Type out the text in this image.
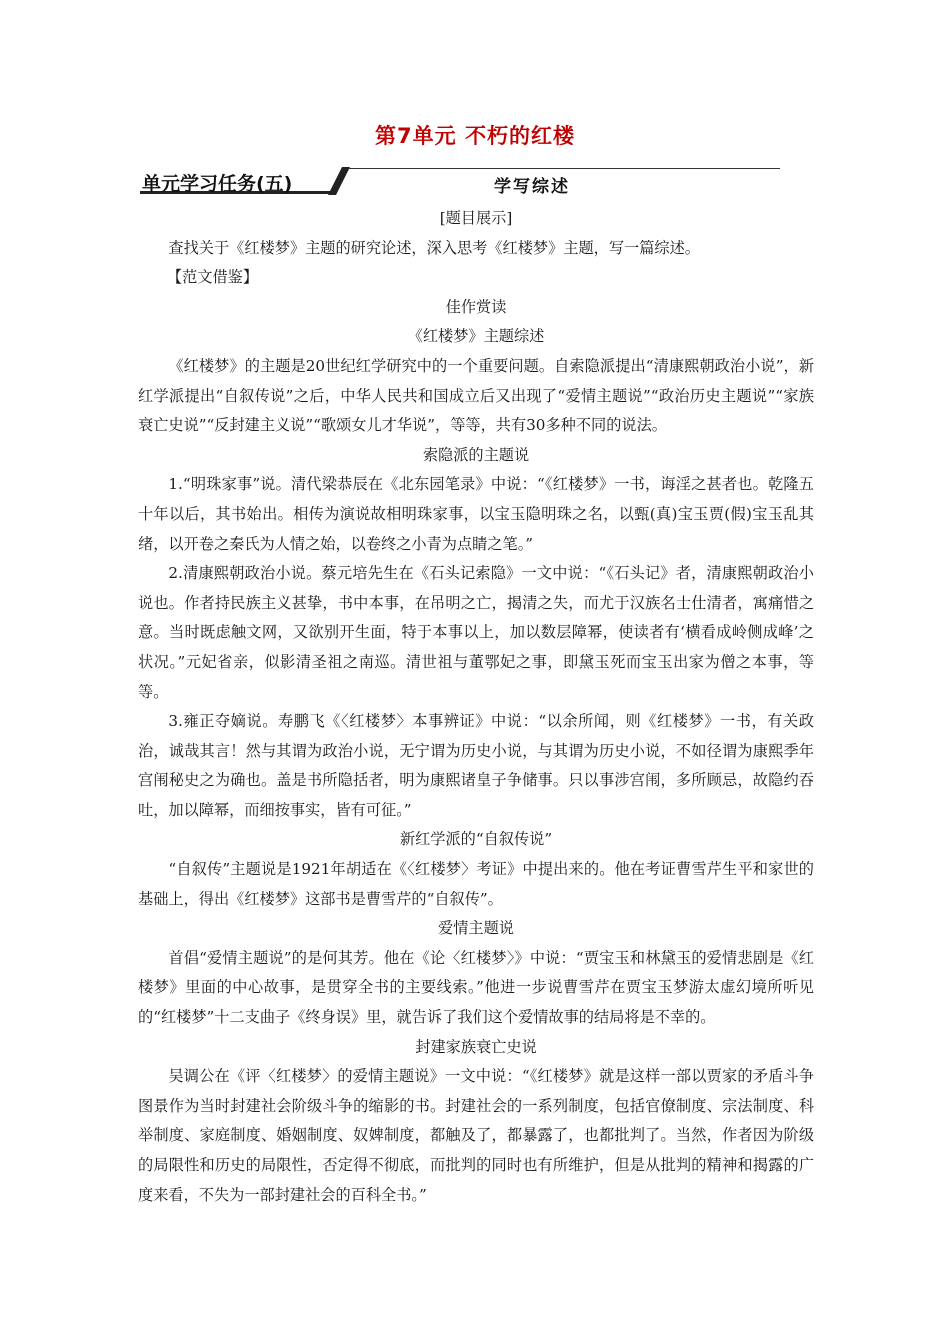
第7单元 不朽的红楼
单元学习任务(五)	学写综述

[题目展示]

查找关于《红楼梦》主题的研究论述，深入思考《红楼梦》主题，写一篇综述。

【范文借鉴】

佳作赏读

《红楼梦》主题综述

《红楼梦》的主题是20世纪红学研究中的一个重要问题。自索隐派提出“清康熙朝政治小说”，新红学派提出“自叙传说”之后，中华人民共和国成立后又出现了“爱情主题说”“政治历史主题说”“家族衰亡史说”“反封建主义说”“歌颂女儿才华说”，等等，共有30多种不同的说法。

索隐派的主题说

1.“明珠家事”说。清代梁恭辰在《北东园笔录》中说：“《红楼梦》一书，诲淫之甚者也。乾隆五十年以后，其书始出。相传为演说故相明珠家事，以宝玉隐明珠之名，以甄(真)宝玉贾(假)宝玉乱其绪，以开卷之秦氏为人情之始，以卷终之小青为点睛之笔。”

2.清康熙朝政治小说。蔡元培先生在《石头记索隐》一文中说：“《石头记》者，清康熙朝政治小说也。作者持民族主义甚挚，书中本事，在吊明之亡，揭清之失，而尤于汉族名士仕清者，寓痛惜之意。当时既虑触文网，又欲别开生面，特于本事以上，加以数层障幂，使读者有‘横看成岭侧成峰’之状况。”元妃省亲，似影清圣祖之南巡。清世祖与董鄂妃之事，即黛玉死而宝玉出家为僧之本事，等等。

3.雍正夺嫡说。寿鹏飞《〈红楼梦〉本事辨证》中说：“以余所闻，则《红楼梦》一书，有关政治，诚哉其言！然与其谓为政治小说，无宁谓为历史小说，与其谓为历史小说，不如径谓为康熙季年宫闱秘史之为确也。盖是书所隐括者，明为康熙诸皇子争储事。只以事涉宫闱，多所顾忌，故隐约吞吐，加以障幂，而细按事实，皆有可征。”

新红学派的“自叙传说”

“自叙传”主题说是1921年胡适在《〈红楼梦〉考证》中提出来的。他在考证曹雪芹生平和家世的基础上，得出《红楼梦》这部书是曹雪芹的“自叙传”。

爱情主题说

首倡“爱情主题说”的是何其芳。他在《论〈红楼梦〉》中说：“贾宝玉和林黛玉的爱情悲剧是《红楼梦》里面的中心故事，是贯穿全书的主要线索。”他进一步说曹雪芹在贾宝玉梦游太虚幻境所听见的“红楼梦”十二支曲子《终身误》里，就告诉了我们这个爱情故事的结局将是不幸的。

封建家族衰亡史说

吴调公在《评〈红楼梦〉的爱情主题说》一文中说：“《红楼梦》就是这样一部以贾家的矛盾斗争图景作为当时封建社会阶级斗争的缩影的书。封建社会的一系列制度，包括官僚制度、宗法制度、科举制度、家庭制度、婚姻制度、奴婢制度，都触及了，都暴露了，也都批判了。当然，作者因为阶级的局限性和历史的局限性，否定得不彻底，而批判的同时也有所维护，但是从批判的精神和揭露的广度来看，不失为一部封建社会的百科全书。”
